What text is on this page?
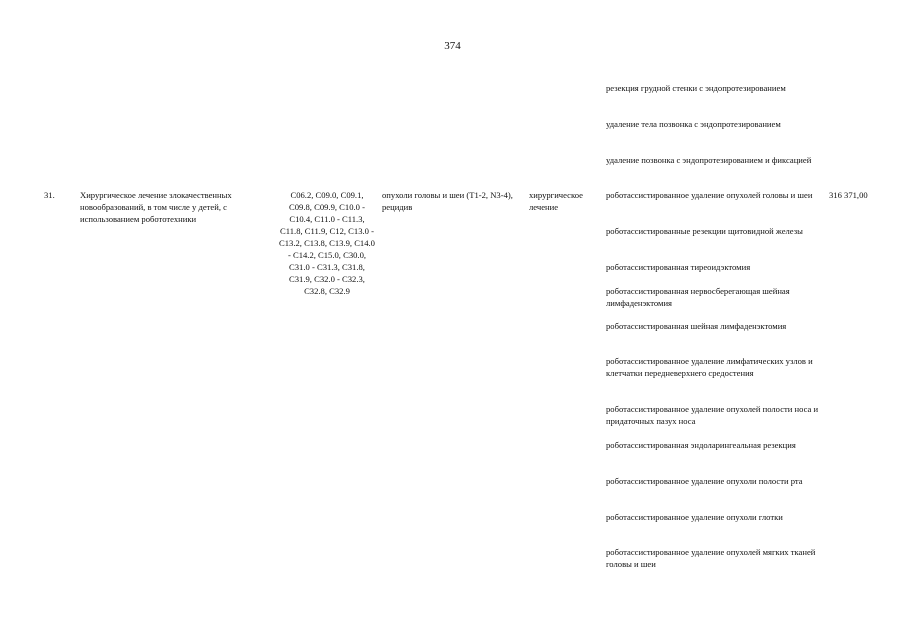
374
резекция грудной стенки с эндопротезированием
удаление тела позвонка с эндопротезированием
удаление позвонка с эндопротезированием и фиксацией
31.	Хирургическое лечение злокачественных новообразований, в том числе у детей, с использованием робототехники
C06.2, C09.0, C09.1, C09.8, C09.9, C10.0 - C10.4, C11.0 - C11.3, C11.8, C11.9, C12, C13.0 - C13.2, C13.8, C13.9, C14.0 - C14.2, C15.0, C30.0, C31.0 - C31.3, C31.8, C31.9, C32.0 - C32.3, C32.8, C32.9
опухоли головы и шеи (T1-2, N3-4), рецидив
хирургическое лечение
316 371,00
роботассистированное удаление опухолей головы и шеи
роботассистированные резекции щитовидной железы
роботассистированная тиреоидэктомия
роботассистированная нервосберегающая шейная лимфаденэктомия
роботассистированная шейная лимфаденэктомия
роботассистированное удаление лимфатических узлов и клетчатки передневерхнего средостения
роботассистированное удаление опухолей полости носа и придаточных пазух носа
роботассистированная эндоларингеальная резекция
роботассистированное удаление опухоли полости рта
роботассистированное удаление опухоли глотки
роботассистированное удаление опухолей мягких тканей головы и шеи
